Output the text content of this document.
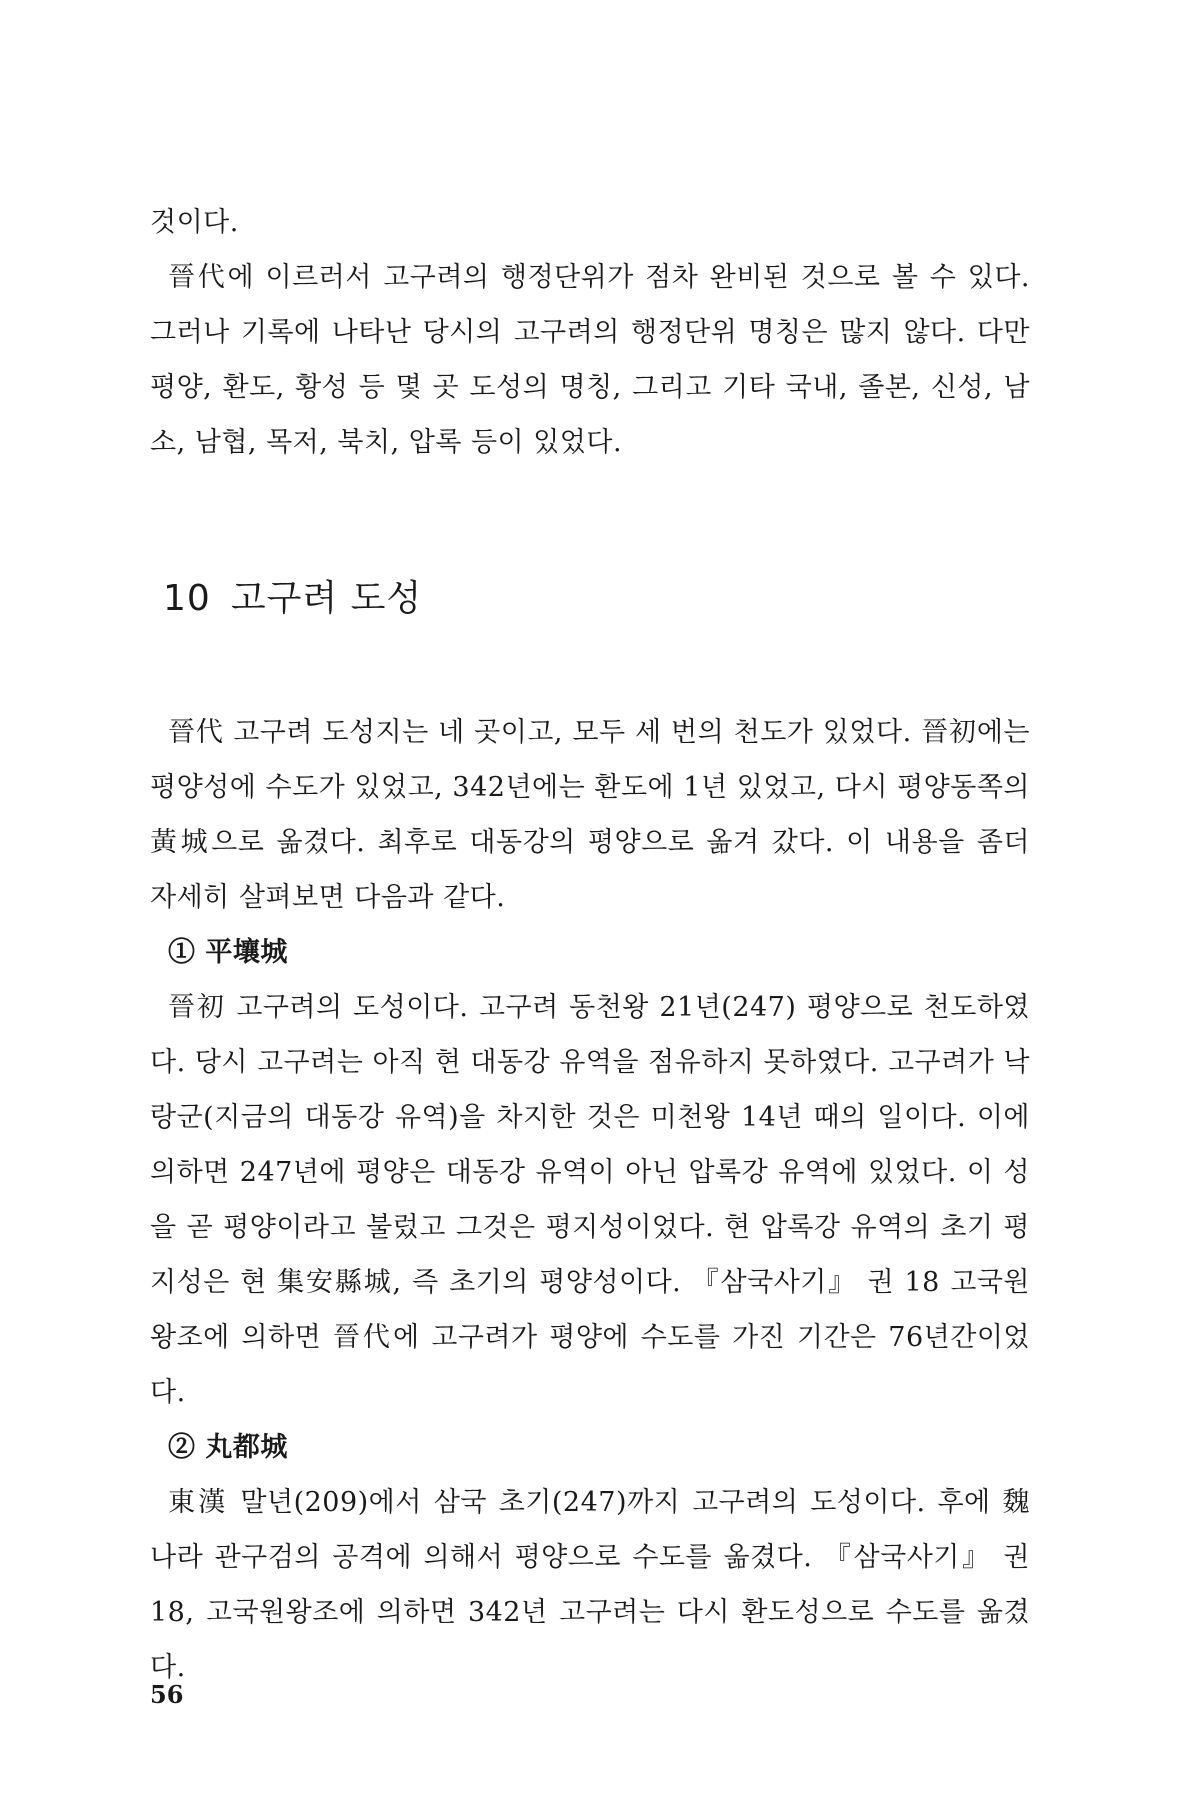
것이다.

晉代에 이르러서 고구려의 행정단위가 점차 완비된 것으로 볼 수 있다. 그러나 기록에 나타난 당시의 고구려의 행정단위 명칭은 많지 않다. 다만 평양, 환도, 황성 등 몇 곳 도성의 명칭, 그리고 기타 국내, 졸본, 신성, 남소, 남협, 목저, 북치, 압록 등이 있었다.

10 고구려 도성

晉代 고구려 도성지는 네 곳이고, 모두 세 번의 천도가 있었다. 晉初에는 평양성에 수도가 있었고, 342년에는 환도에 1년 있었고, 다시 평양동쪽의 黃城으로 옮겼다. 최후로 대동강의 평양으로 옮겨 갔다. 이 내용을 좀더 자세히 살펴보면 다음과 같다.

① 平壤城

晉初 고구려의 도성이다. 고구려 동천왕 21년(247) 평양으로 천도하였다. 당시 고구려는 아직 현 대동강 유역을 점유하지 못하였다. 고구려가 낙랑군(지금의 대동강 유역)을 차지한 것은 미천왕 14년 때의 일이다. 이에 의하면 247년에 평양은 대동강 유역이 아닌 압록강 유역에 있었다. 이 성을 곧 평양이라고 불렀고 그것은 평지성이었다. 현 압록강 유역의 초기 평지성은 현 集安縣城, 즉 초기의 평양성이다. 『삼국사기』 권 18 고국원왕조에 의하면 晉代에 고구려가 평양에 수도를 가진 기간은 76년간이었다.

② 丸都城

東漢 말년(209)에서 삼국 초기(247)까지 고구려의 도성이다. 후에 魏나라 관구검의 공격에 의해서 평양으로 수도를 옮겼다. 『삼국사기』 권 18, 고국원왕조에 의하면 342년 고구려는 다시 환도성으로 수도를 옮겼다.

56
